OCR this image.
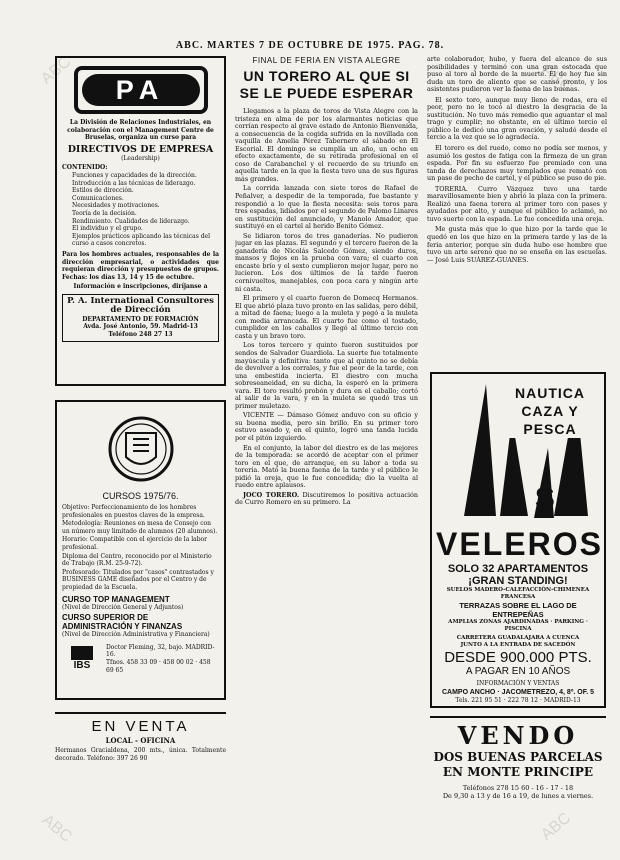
ABC	ABC
ABC	ABC
ABC. MARTES 7 DE OCTUBRE DE 1975. PAG. 78.
PA
La División de Relaciones Industriales, en colaboración con el Management Centre de Bruselas, organiza un curso para
DIRECTIVOS DE EMPRESA
(Leadership)
CONTENIDO:
Funciones y capacidades de la dirección.
Introducción a las técnicas de liderazgo.
Estilos de dirección.
Comunicaciones.
Necesidades y motivaciones.
Teoría de la decisión.
Rendimiento. Cualidades de liderazgo.
El individuo y el grupo.
Ejemplos prácticos aplicando las técnicas del curso a casos concretos.
Para los hombres actuales, responsables de la dirección empresarial, o actividades que requieran dirección y presupuestos de grupos. Fechas: los días 13, 14 y 15 de octubre.
Información e inscripciones, diríjanse a
P. A. International Consultores de Dirección
DEPARTAMENTO DE FORMACIÓN
Avda. José Antonio, 59. Madrid-13
Teléfono 248 27 13
CURSOS 1975/76.
Objetivo: Perfeccionamiento de los hombres profesionales en puestos claves de la empresa.
Metodología: Reuniones en mesa de Consejo con un número muy limitado de alumnos (20 alumnos).
Horario: Compatible con el ejercicio de la labor profesional.
Diploma del Centro, reconocido por el Ministerio de Trabajo (R.M. 25-9-72).
Profesorado: Titulados por "casos" contrastados y BUSINESS GAME diseñados por el Centro y de propiedad de la Escuela.
CURSO TOP MANAGEMENT
(Nivel de Dirección General y Adjuntos)
CURSO SUPERIOR DE ADMINISTRACIÓN Y FINANZAS
(Nivel de Dirección Administrativa y Financiera)
IBS
Doctor Fleming, 32, bajo. MADRID-16.
Tfnos. 458 33 09 · 458 00 02 · 458 69 65
EN VENTA
LOCAL - OFICINA
Hermanos Gracialdena, 200 mts., única. Totalmente decorado. Teléfono: 397 26 90
FINAL DE FERIA EN VISTA ALEGRE
UN TORERO AL QUE SI SE LE PUEDE ESPERAR
Llegamos a la plaza de toros de Vista Alegre con la tristeza en alma de por los alarmantes noticias que corrían respecto al grave estado de Antonio Bienvenida, a consecuencia de la cogida sufrida en la novillada con vaquilla de Amelia Pérez Tabernero el sábado en El Escorial. El domingo se cumplía un año, un ocho en efecto exactamente, de su retirada profesional en el coso de Carabanchel y el recuerdo de su triunfo en aquella tarde en la que la fiesta tuvo una de sus figuras más grandes.
La corrida lanzada con siete toros de Rafael de Peñalver, a despedir de la temporada, fue bastante y respondió a lo que la fiesta necesita: seis toros para tres espadas, lidiados por el segundo de Palomo Linares en sustitución del anunciado, y Manolo Amador, que sustituyó en el cartel al herido Benito Gómez.
Se lidiaron toros de tres ganaderías. No pudieron jugar en las plazas. El segundo y el tercero fueron de la ganadería de Nicolás Salcedo Gómez, siendo duros, mansos y flojos en la prueba con vara; el cuarto con encaste brío y el sexto cumplieron mejor lugar, pero no lucieron. Los dos últimos de la tarde fueron cornivueltos, manejables, con poca cara y ningún arte ni casta.
El primero y el cuarto fueron de Domecq Hermanos. El que abrió plaza tuvo pronto en las salidas, pero débil, a mitad de faena; luego a la muleta y pegó a la muleta con media arrancada. El cuarto fue como el tostado, cumplidor en los caballos y llegó al último tercio con casta y un bravo toro.
Los toros tercero y quinto fueron sustituidos por sendos de Salvador Guardiola. La suerte fue totalmente mayúscula y definitiva: tanto que al quinto no se debía de devolver a los corrales, y fue el peor de la tarde, con una embestida incierta. El diestro con mucha sobreseaneidad, en su dicha, la esperó en la primera vara. El toro resultó probón y dura en el caballo; cortó al salir de la vara, y en la muleta se quedó tras un primer muletazo.
VICENTE — Dámaso Gómez anduvo con su oficio y su buena media, pero sin brillo. En su primer toro estuvo aseado y, en el quinto, logró una tanda lucida por el pitón izquierdo.
En el conjunto, la labor del diestro es de las mejores de la temporada: se acordó de aceptar con el primer toro en el que, de arranque, en su labor a toda su torería. Mató la buena faena de la tarde y el público le pidió la oreja, que le fue concedida; dio la vuelta al ruedo entre aplausos.
JOCO TORERO. Discutiremos lo positiva actuación de Curro Romero en su primero. La
arte colaborador, hubo, y fuera del alcance de sus posibilidades y terminó con una gran estocada que puso al toro al borde de la muerte. El de hoy fue sin duda un toro de aliento que se cansó pronto, y los asistentes pudieron ver la faena de las buenas.
El sexto toro, aunque muy lleno de rodas, era el peor, pero no le tocó al diestro la desgracia de la sustitución. No tuvo más remedio que aguantar el mal trago y cumplir; no obstante, en el último tercio el público le dedicó una gran ovación, y saludó desde el tercio a la vez que se lo agradecía.
El torero es del ruedo, como no podía ser menos, y asumió los gestos de fatiga con la firmeza de un gran espada. Por fin su esfuerzo fue premiado con una tanda de derechazos muy templados que remató con un pase de pecho de cartel, y el público se puso de pie.
TORERIA. Curro Vázquez tuvo una tarde maravillosamente bien y abrió la plaza con la primera. Realizó una faena torera al primer toro con pases y ayudados por alto, y aunque el público lo aclamó, no tuvo suerte con la espada. Le fue concedida una oreja.
Me gusta más que lo que hizo por la tarde que le quedó en los que hizo en la primera tarde y las de la feria anterior, porque sin duda hubo ese hombre que tuvo un arte sereno que no se enseña en las escuelas. — José Luis SUÁREZ-GUANES.
NAUTICA
CAZA Y
PESCA
LOS
VELEROS
SOLO 32 APARTAMENTOS
¡GRAN STANDING!
SUELOS MADERO-CALEFACCIÓN-CHIMENEA FRANCESA
TERRAZAS SOBRE EL LAGO DE ENTREPEÑAS
AMPLIAS ZONAS AJARDINADAS · PARKING · PISCINA
CARRETERA GUADALAJARA A CUENCA
JUNTO A LA ENTRADA DE SACEDÓN
DESDE 900.000 PTS.
A PAGAR EN 10 AÑOS
INFORMACIÓN Y VENTAS
CAMPO ANCHO · JACOMETREZO, 4, 8º. OF. 5
Tels. 221 95 51 · 222 78 12 · MADRID-13
VENDO
DOS BUENAS PARCELAS
EN MONTE PRINCIPE
Teléfonos 278 15 60 - 16 - 17 - 18
De 9,30 a 13 y de 16 a 19, de lunes a viernes.
